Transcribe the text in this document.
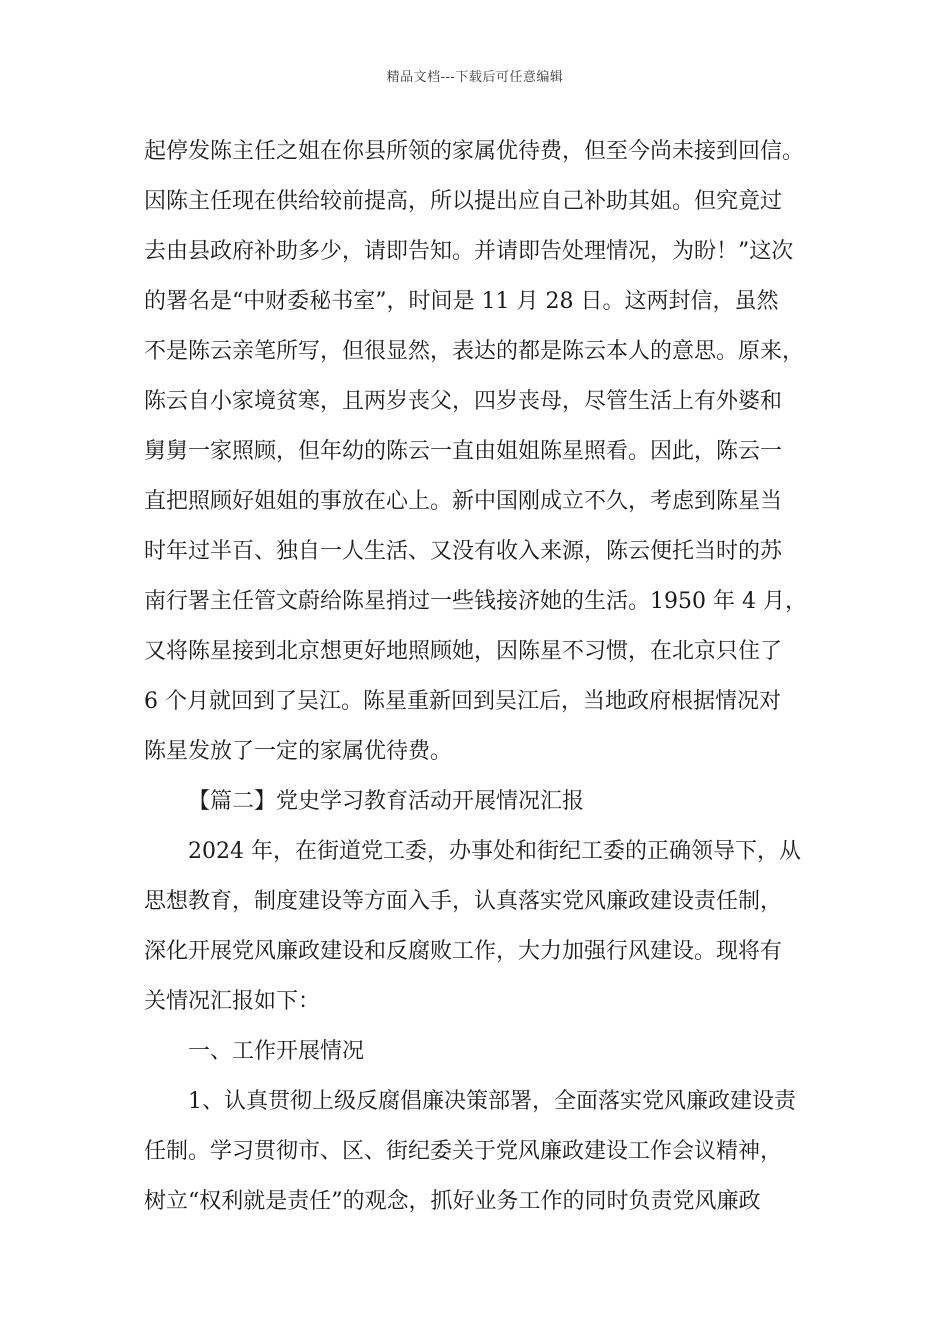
精品文档---下载后可任意编辑
起停发陈主任之姐在你县所领的家属优待费，但至今尚未接到回信。
因陈主任现在供给较前提高，所以提出应自己补助其姐。但究竟过
去由县政府补助多少，请即告知。并请即告处理情况，为盼！”这次
的署名是“中财委秘书室”，时间是 11 月 28 日。这两封信，虽然
不是陈云亲笔所写，但很显然，表达的都是陈云本人的意思。原来，
陈云自小家境贫寒，且两岁丧父，四岁丧母，尽管生活上有外婆和
舅舅一家照顾，但年幼的陈云一直由姐姐陈星照看。因此，陈云一
直把照顾好姐姐的事放在心上。新中国刚成立不久，考虑到陈星当
时年过半百、独自一人生活、又没有收入来源，陈云便托当时的苏
南行署主任管文蔚给陈星捎过一些钱接济她的生活。1950 年 4 月，
又将陈星接到北京想更好地照顾她，因陈星不习惯，在北京只住了
6 个月就回到了吴江。陈星重新回到吴江后，当地政府根据情况对
陈星发放了一定的家属优待费。
【篇二】党史学习教育活动开展情况汇报
2024 年，在街道党工委，办事处和街纪工委的正确领导下，从
思想教育，制度建设等方面入手，认真落实党风廉政建设责任制，
深化开展党风廉政建设和反腐败工作，大力加强行风建设。现将有
关情况汇报如下：
一、工作开展情况
1、认真贯彻上级反腐倡廉决策部署，全面落实党风廉政建设责
任制。学习贯彻市、区、街纪委关于党风廉政建设工作会议精神，
树立“权利就是责任”的观念，抓好业务工作的同时负责党风廉政
